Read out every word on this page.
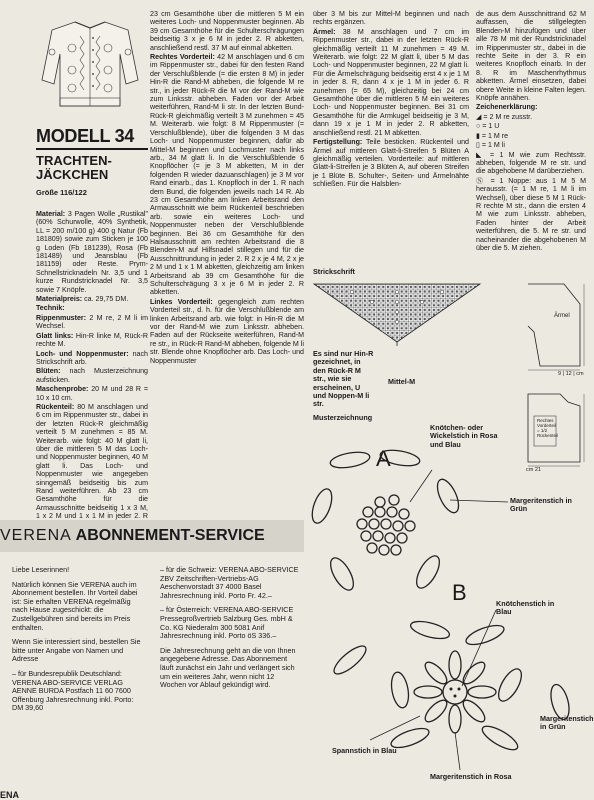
MODELL 34
TRACHTEN-JÄCKCHEN
Größe 116/122

Material: 3 Pagen Wolle „Rustikal" (60% Schurwolle, 40% Synthetik, LL = 200 m/100 g) 400 g Natur (Fb 181809) sowie zum Sticken je 100 g Loden (Fb 181239), Rosa (Fb 181489) und Jeansblau (Fb 181159) oder Reste. Prym-Schnellstricknadeln Nr. 3,5 und 1 kurze Rundstricknadel Nr. 3,5 sowie 7 Knöpfe.

Materialpreis: ca. 29,75 DM.

Technik:

Rippenmuster: 2 M re, 2 M li im Wechsel.

Glatt links: Hin-R linke M, Rück-R rechte M.

Loch- und Noppenmuster: nach Strickschrift arb.

Blüten: nach Musterzeichnung aufsticken.

Maschenprobe: 20 M und 28 R = 10 x 10 cm.

Rückenteil: 80 M anschlagen und 6 cm im Rippenmuster str., dabei in der letzten Rück-R gleichmäßig verteilt 5 M zunehmen = 85 M. Weiterarb. wie folgt: 40 M glatt li, über die mittleren 5 M das Loch- und Noppenmuster beginnen, 40 M glatt li. Das Loch- und Noppenmuster wie angegeben sinngemäß beidseitig bis zum Rand weiterführen. Ab 23 cm Gesamthöhe für die Armausschnitte beidseitig 1 x 3 M, 1 x 2 M und 1 x 1 M in jeder 2. R

23 cm Gesamthöhe über die mittleren 5 M ein weiteres Loch- und Noppenmuster beginnen. Ab 39 cm Gesamthöhe für die Schulterschrägungen beidseitig 3 x je 6 M in jeder 2. R abketten, anschließend restl. 37 M auf einmal abketten.

Rechtes Vorderteil: 42 M anschlagen und 6 cm im Rippenmuster str., dabei für den festen Rand der Verschlußblende (= die ersten 8 M) in jeder Hin-R die Rand-M abheben, die folgende M re str., in jeder Rück-R die M vor der Rand-M wie zum Linksstr. abheben. Faden vor der Arbeit weiterführen, Rand-M li str. In der letzten Bund-Rück-R gleichmäßig verteilt 3 M zunehmen = 45 M. Weiterarb. wie folgt: 8 M Rippenmuster (= Verschlußblende), über die folgenden 3 M das Loch- und Noppenmuster beginnen, dafür ab Mittel-M beginnen und Lochmuster nach links arb., 34 M glatt li. In die Verschlußblende 6 Knopflöcher (= je 3 M abketten, M in der folgenden R wieder dazuanschlagen) je 3 M vor Rand einarb., das 1. Knopfloch in der 1. R nach dem Bund, die folgenden jeweils nach 14 R. Ab 23 cm Gesamthöhe am linken Arbeitsrand den Armausschnitt wie beim Rückenteil beschrieben arb. sowie ein weiteres Loch- und Noppenmuster neben der Verschlußblende beginnen. Bei 36 cm Gesamthöhe für den Halsausschnitt am rechten Arbeitsrand die 8 Blenden-M auf Hilfsnadel stillegen und für die Ausschnittrundung in jeder 2. R 2 x je 4 M, 2 x je 2 M und 1 x 1 M abketten, gleichzeitig am linken Arbeitsrand ab 39 cm Gesamthöhe für die Schulterschrägung 3 x je 6 M in jeder 2. R abketten.

Linkes Vorderteil: gegengleich zum rechten Vorderteil str., d. h. für die Verschlußblende am linken Arbeitsrand arb. wie folgt: in Hin-R die M vor der Rand-M wie zum Linksstr. abheben. Faden auf der Rückseite weiterführen, Rand-M re str., in Rück-R Rand-M abheben, folgende M li str. Blende ohne Knopflöcher arb. Das Loch- und Noppenmuster

über 3 M bis zur Mittel-M beginnen und nach rechts ergänzen.

Ärmel: 38 M anschlagen und 7 cm im Rippenmuster str., dabei in der letzten Rück-R gleichmäßig verteilt 11 M zunehmen = 49 M. Weiterarb. wie folgt: 22 M glatt li, über 5 M das Loch- und Noppenmuster beginnen, 22 M glatt li. Für die Ärmelschrägung beidseitig erst 4 x je 1 M in jeder 8. R, dann 4 x je 1 M in jeder 6. R zunehmen (= 65 M), gleichzeitig bei 24 cm Gesamthöhe über die mittleren 5 M ein weiteres Loch- und Noppenmuster beginnen. Bei 31 cm Gesamthöhe für die Armkugel beidseitig je 3 M, dann 19 x je 1 M in jeder 2. R abketten, anschließend restl. 21 M abketten.

Fertigstellung: Teile besticken. Rückenteil und Ärmel auf mittleren Glatt-li-Streifen 5 Blüten A gleichmäßig verteilen. Vorderteile: auf mittleren Glatt-li-Streifen je 3 Blüten A, auf oberen Streifen je 1 Blüte B. Schulter-, Seiten- und Ärmelnähte schließen. Für die Halsblen-

de aus dem Ausschnittrand 62 M auffassen, die stillgelegten Blenden-M hinzufügen und über alle 78 M mit der Rundstricknadel im Rippenmuster str., dabei in die rechte Seite in der 3. R ein weiteres Knopfloch einarb. In der 8. R im Maschenrhythmus abketten. Ärmel einsetzen, dabei obere Weite in kleine Falten legen. Knöpfe annähen.

Zeichenerklärung:

◢ = 2 M re zusstr.

○ = 1 U

▮ = 1 M re

▯ = 1 M li

◣ = 1 M wie zum Rechtsstr. abheben, folgende M re str. und die abgehobene M darüberziehen.

Ⓝ = 1 Noppe: aus 1 M 5 M herausstr. (= 1 M re, 1 M li im Wechsel), über diese 5 M 1 Rück-R rechte M str., dann die ersten 4 M wie zum Linksstr. abheben, Faden hinter der Arbeit weiterführen, die 5. M re str. und nacheinander die abgehobenen M über die 5. M ziehen.

Strickschrift
Es sind nur Hin-R gezeichnet, in den Rück-R M str., wie sie erscheinen, U und Noppen-M li str.
Mittel-M
Musterzeichnung
A
B
Knötchen- oder Wickelstich in Rosa und Blau
Margeritenstich in Grün
Knötchenstich in Blau
Spannstich in Blau
Margeritenstich in Rosa
Margeritenstich in Grün
Ärmel
Rechtes Vorderteil = 1/2 Rückenteil
9 | 12 | cm
cm 21
VERENA ABONNEMENT-SERVICE

Liebe Leserinnen!

Natürlich können Sie VERENA auch im Abonnement bestellen. Ihr Vorteil dabei ist: Sie erhalten VERENA regelmäßig nach Hause zugeschickt: die Zustellgebühren sind bereits im Preis enthalten.

Wenn Sie interessiert sind, bestellen Sie bitte unter Angabe von Namen und Adresse

– für Bundesrepublik Deutschland: VERENA ABO-SERVICE VERLAG AENNE BURDA Postfach 11 60 7600 Offenburg Jahresrechnung inkl. Porto: DM 39,60

– für die Schweiz: VERENA ABO-SERVICE ZBV Zeitschriften-Vertriebs-AG Aeschenvorstadt 37 4000 Basel Jahresrechnung inkl. Porto Fr. 42.–

– für Österreich: VERENA ABO-SERVICE Pressegroßvertrieb Salzburg Ges. mbH & Co. KG Niederalm 300 5081 Anif Jahresrechnung inkl. Porto öS 336.–

Die Jahresrechnung geht an die von Ihnen angegebene Adresse. Das Abonnement läuft zunächst ein Jahr und verlängert sich um ein weiteres Jahr, wenn nicht 12 Wochen vor Ablauf gekündigt wird.

ENA
